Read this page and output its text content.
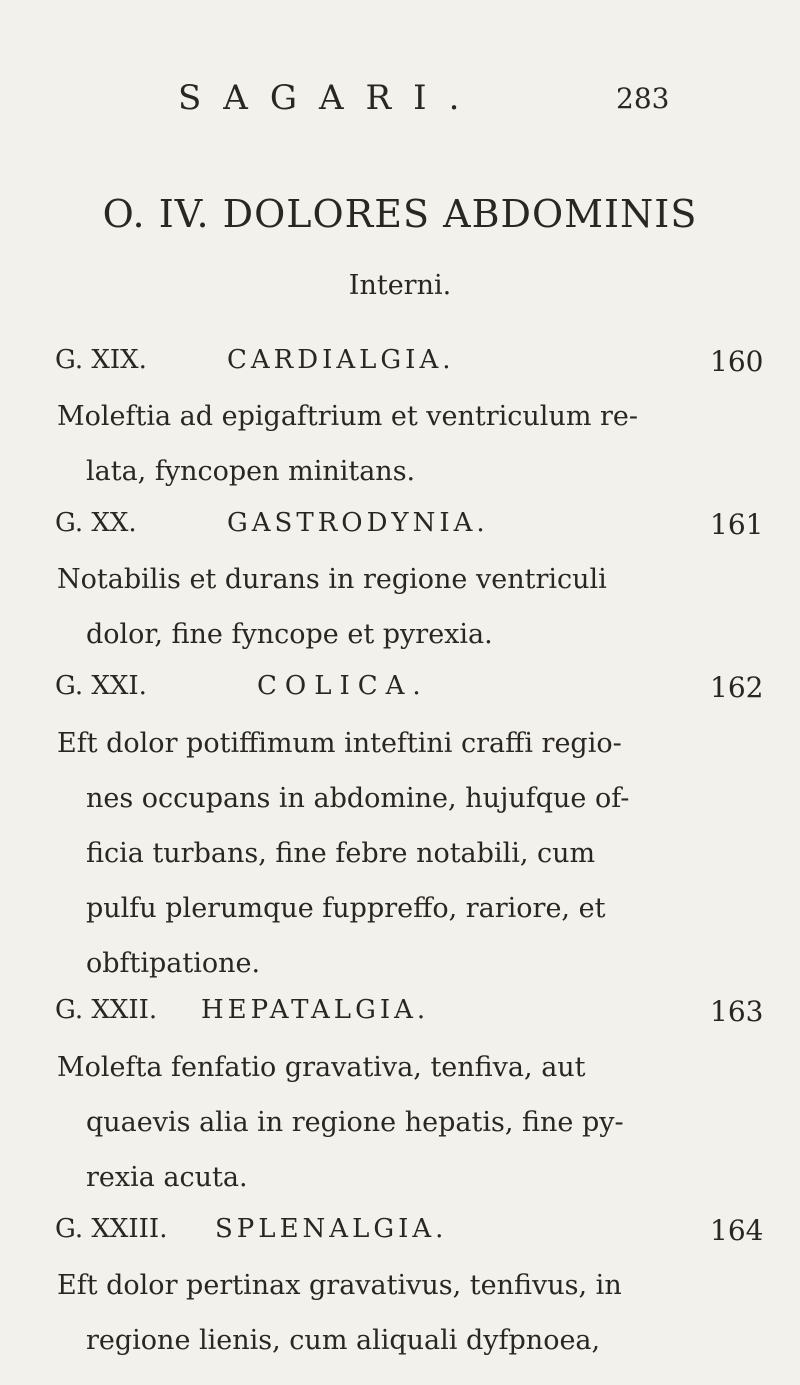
SAGARI.	283
O. IV. DOLORES ABDOMINIS
Interni.
G. XIX.	CARDIALGIA.	160

Moleftia ad epigaftrium et ventriculum re-
lata, fyncopen minitans.

G. XX.	GASTRODYNIA.	161

Notabilis et durans in regione ventriculi
dolor, fine fyncope et pyrexia.

G. XXI.	COLICA.	162

Eft dolor potiffimum inteftini craffi regio-
nes occupans in abdomine, hujufque of-
ficia turbans, fine febre notabili, cum
pulfu plerumque fuppreffo, rariore, et
obftipatione.

G. XXII. HEPATALGIA.	163

Molefta fenfatio gravativa, tenfiva, aut
quaevis alia in regione hepatis, fine py-
rexia acuta.

G. XXIII. SPLENALGIA.	164

Eft dolor pertinax gravativus, tenfivus, in
regione lienis, cum aliquali dyfpnoea,
